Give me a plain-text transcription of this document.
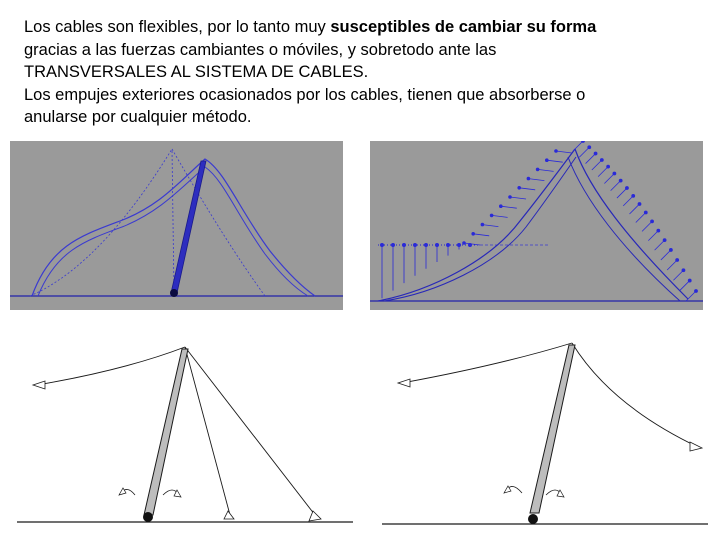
Los cables son flexibles, por lo tanto muy susceptibles de cambiar su forma

gracias a las fuerzas cambiantes o móviles, y sobretodo ante las

TRANSVERSALES AL SISTEMA DE CABLES.

Los empujes exteriores ocasionados por los cables, tienen que absorberse o

anularse por cualquier método.
